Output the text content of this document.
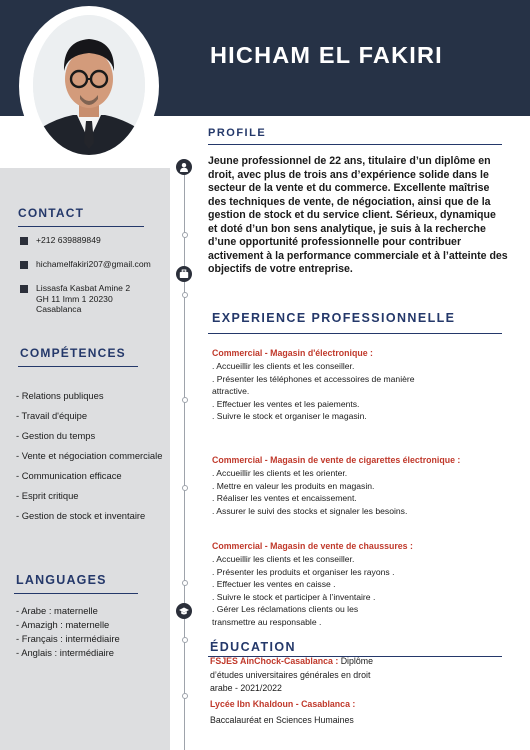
HICHAM EL FAKIRI
CONTACT
+212 639889849
hichamelfakiri207@gmail.com
Lissasfa Kasbat Amine 2
GH 11 Imm 1 20230
Casablanca
COMPÉTENCES
- Relations publiques
- Travail d'équipe
- Gestion du temps
- Vente et négociation commerciale
- Communication efficace
- Esprit critique
- Gestion de stock et inventaire
LANGUAGES
- Arabe : maternelle
- Amazigh : maternelle
- Français : intermédiaire
- Anglais : intermédiaire
PROFILE
Jeune professionnel de 22 ans, titulaire d’un diplôme en droit, avec plus de trois ans d’expérience solide dans le secteur de la vente et du commerce. Excellente maîtrise des techniques de vente, de négociation, ainsi que de la gestion de stock et du service client. Sérieux, dynamique et doté d’un bon sens analytique, je suis à la recherche d’une opportunité professionnelle pour contribuer activement à la performance commerciale et à l’atteinte des objectifs de votre entreprise.
EXPERIENCE PROFESSIONNELLE
Commercial - Magasin d'électronique :
. Accueillir les clients et les conseiller.
. Présenter les téléphones et accessoires de manière
attractive.
. Effectuer les ventes et les paiements.
. Suivre le stock et organiser le magasin.
Commercial - Magasin de vente de cigarettes électronique :
. Accueillir les clients et les orienter.
. Mettre en valeur les produits en magasin.
. Réaliser les ventes et encaissement.
. Assurer le suivi des stocks et signaler les besoins.
Commercial - Magasin de vente de chaussures :
. Accueillir les clients et les conseiller.
. Présenter les produits et organiser les rayons .
. Effectuer les ventes en caisse .
. Suivre le stock et participer à l’inventaire .
. Gérer Les réclamations clients ou les
transmettre au responsable .
ÉDUCATION
FSJES AinChock-Casablanca : Diplôme
d’études universitaires générales en droit
arabe - 2021/2022
Lycée Ibn Khaldoun - Casablanca :
Baccalauréat en Sciences Humaines
